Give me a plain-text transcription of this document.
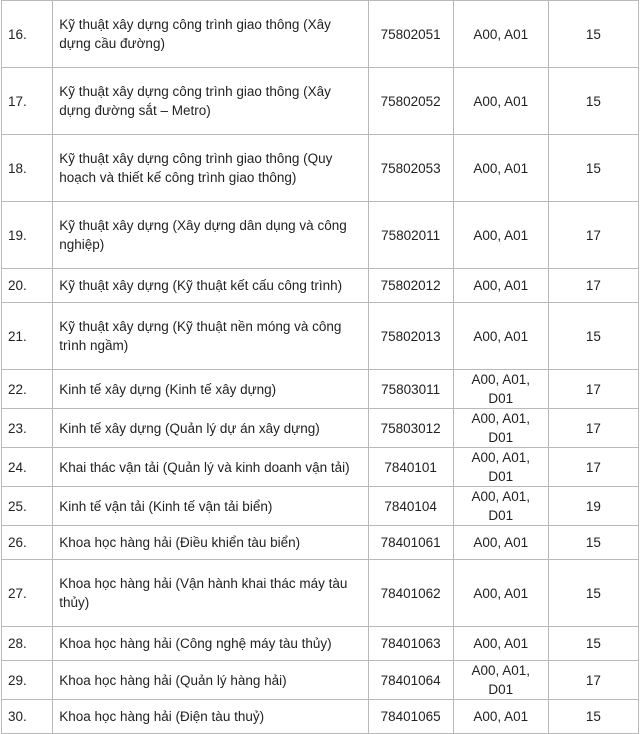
16.	Kỹ thuật xây dựng công trình giao thông (Xây dựng cầu đường)	75802051	A00, A01	15
17.	Kỹ thuật xây dựng công trình giao thông (Xây dựng đường sắt – Metro)	75802052	A00, A01	15
18.	Kỹ thuật xây dựng công trình giao thông (Quy hoạch và thiết kế công trình giao thông)	75802053	A00, A01	15
19.	Kỹ thuật xây dựng (Xây dựng dân dụng và công nghiệp)	75802011	A00, A01	17
20.	Kỹ thuật xây dựng (Kỹ thuật kết cấu công trình)	75802012	A00, A01	17
21.	Kỹ thuật xây dựng (Kỹ thuật nền móng và công trình ngầm)	75802013	A00, A01	15
22.	Kinh tế xây dựng (Kinh tế xây dựng)	75803011	A00, A01, D01	17
23.	Kinh tế xây dựng (Quản lý dự án xây dựng)	75803012	A00, A01, D01	17
24.	Khai thác vận tải (Quản lý và kinh doanh vận tải)	7840101	A00, A01, D01	17
25.	Kinh tế vận tải (Kinh tế vận tải biển)	7840104	A00, A01, D01	19
26.	Khoa học hàng hải (Điều khiển tàu biển)	78401061	A00, A01	15
27.	Khoa học hàng hải (Vận hành khai thác máy tàu thủy)	78401062	A00, A01	15
28.	Khoa học hàng hải (Công nghệ máy tàu thủy)	78401063	A00, A01	15
29.	Khoa học hàng hải (Quản lý hàng hải)	78401064	A00, A01, D01	17
30.	Khoa học hàng hải (Điện tàu thuỷ)	78401065	A00, A01	15
